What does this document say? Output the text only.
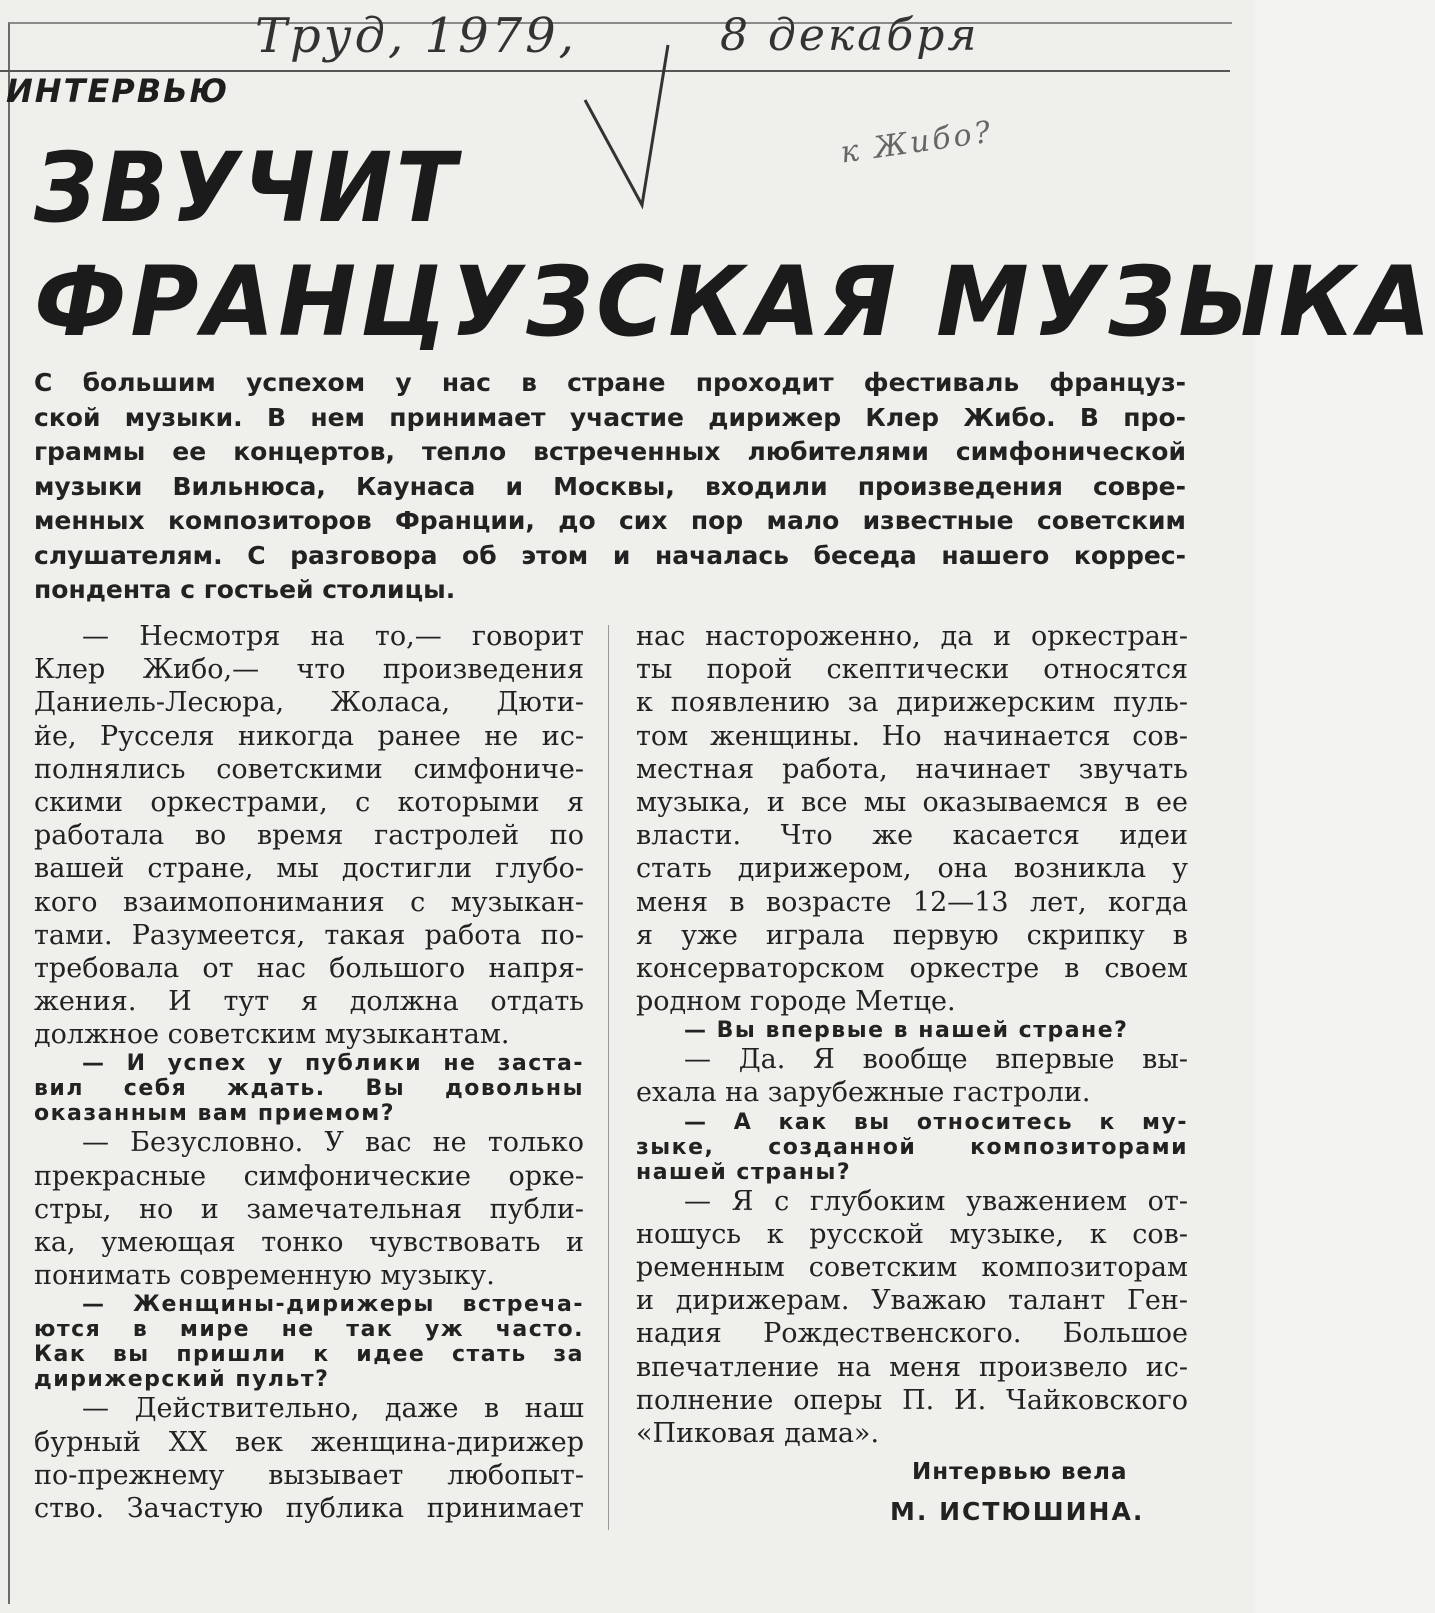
Труд, 1979,	8 декабря
к Жибо?
ИНТЕРВЬЮ
ЗВУЧИТ
ФРАНЦУЗСКАЯ МУЗЫКА
С большим успехом у нас в стране проходит фестиваль француз-
ской музыки. В нем принимает участие дирижер Клер Жибо. В про-
граммы ее концертов, тепло встреченных любителями симфонической
музыки Вильнюса, Каунаса и Москвы, входили произведения совре-
менных композиторов Франции, до сих пор мало известные советским
слушателям. С разговора об этом и началась беседа нашего коррес-
пондента с гостьей столицы.
— Несмотря на то,— говорит
Клер Жибо,— что произведения
Даниель-Лесюра, Жоласа, Дюти-
йе, Русселя никогда ранее не ис-
полнялись советскими симфониче-
скими оркестрами, с которыми я
работала во время гастролей по
вашей стране, мы достигли глубо-
кого взаимопонимания с музыкан-
тами. Разумеется, такая работа по-
требовала от нас большого напря-
жения. И тут я должна отдать
должное советским музыкантам.
— И успех у публики не заста-
вил себя ждать. Вы довольны
оказанным вам приемом?
— Безусловно. У вас не только
прекрасные симфонические орке-
стры, но и замечательная публи-
ка, умеющая тонко чувствовать и
понимать современную музыку.
— Женщины-дирижеры встреча-
ются в мире не так уж часто.
Как вы пришли к идее стать за
дирижерский пульт?
— Действительно, даже в наш
бурный XX век женщина-дирижер
по-прежнему вызывает любопыт-
ство. Зачастую публика принимает
нас настороженно, да и оркестран-
ты порой скептически относятся
к появлению за дирижерским пуль-
том женщины. Но начинается сов-
местная работа, начинает звучать
музыка, и все мы оказываемся в ее
власти. Что же касается идеи
стать дирижером, она возникла у
меня в возрасте 12—13 лет, когда
я уже играла первую скрипку в
консерваторском оркестре в своем
родном городе Метце.
— Вы впервые в нашей стране?
— Да. Я вообще впервые вы-
ехала на зарубежные гастроли.
— А как вы относитесь к му-
зыке, созданной композиторами
нашей страны?
— Я с глубоким уважением от-
ношусь к русской музыке, к сов-
ременным советским композиторам
и дирижерам. Уважаю талант Ген-
надия Рождественского. Большое
впечатление на меня произвело ис-
полнение оперы П. И. Чайковского
«Пиковая дама».
Интервью вела
М. ИСТЮШИНА.
